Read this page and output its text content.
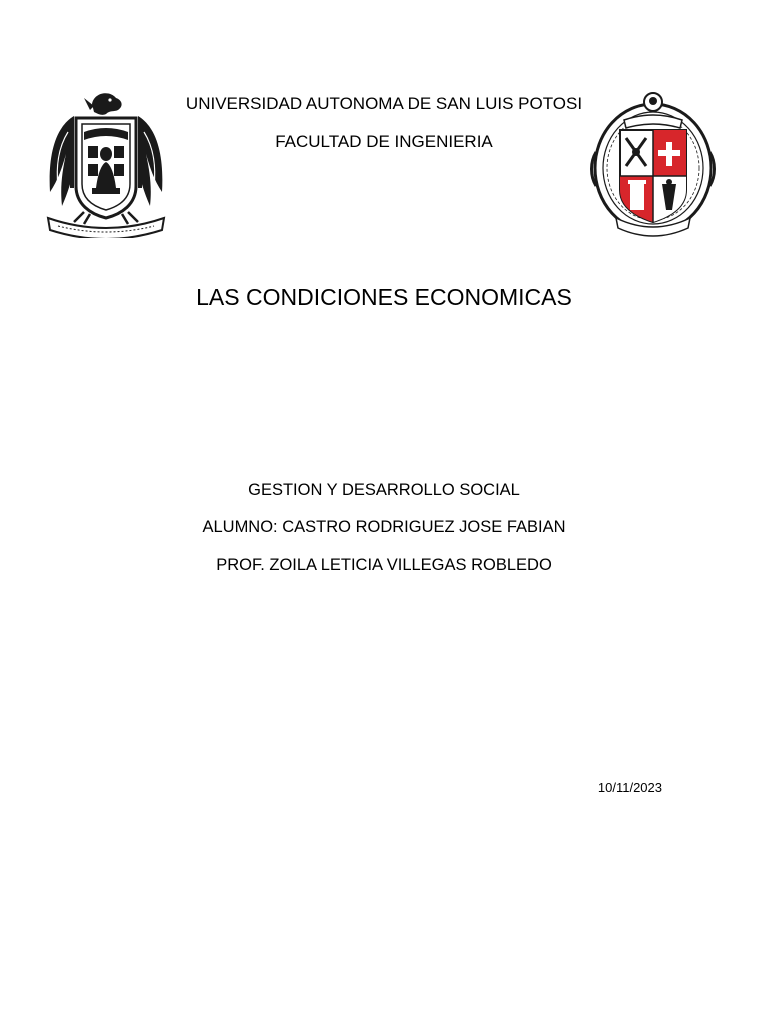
UNIVERSIDAD AUTONOMA DE SAN LUIS POTOSI
FACULTAD DE INGENIERIA
LAS CONDICIONES ECONOMICAS
GESTION Y DESARROLLO SOCIAL
ALUMNO: CASTRO RODRIGUEZ JOSE FABIAN
PROF. ZOILA LETICIA VILLEGAS ROBLEDO
10/11/2023
